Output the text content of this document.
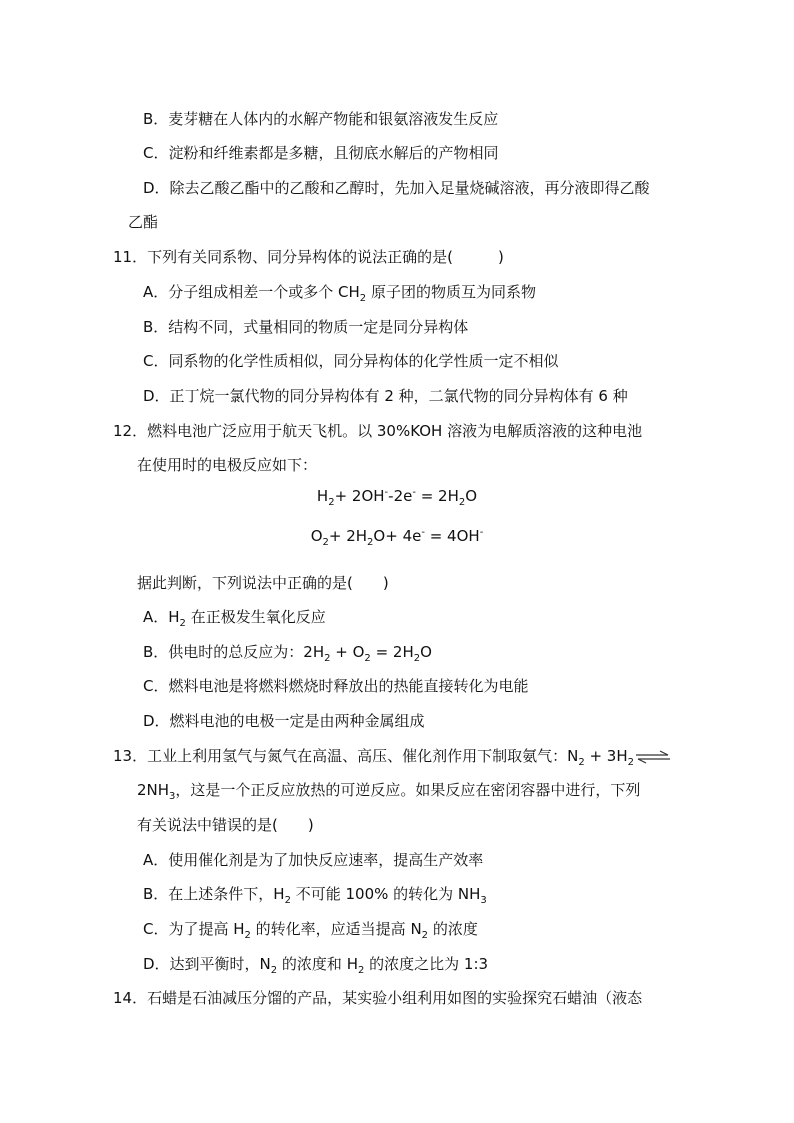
B．麦芽糖在人体内的水解产物能和银氨溶液发生反应
C．淀粉和纤维素都是多糖，且彻底水解后的产物相同
D．除去乙酸乙酯中的乙酸和乙醇时，先加入足量烧碱溶液，再分液即得乙酸
乙酯
11．下列有关同系物、同分异构体的说法正确的是(　　　)
A．分子组成相差一个或多个 $CH_2$ 原子团的物质互为同系物
B．结构不同，式量相同的物质一定是同分异构体
C．同系物的化学性质相似，同分异构体的化学性质一定不相似
D．正丁烷一氯代物的同分异构体有 2 种，二氯代物的同分异构体有 6 种
12．燃料电池广泛应用于航天飞机。以 30%KOH 溶液为电解质溶液的这种电池
在使用时的电极反应如下：
$H_2+ 2OH^--2e^- = 2H_2O$
$O_2+ 2H_2O+ 4e^- = 4OH^-$
据此判断，下列说法中正确的是(　　)
A．$H_2$ 在正极发生氧化反应
B．供电时的总反应为：$2H_2 + O_2 = 2H_2O$
C．燃料电池是将燃料燃烧时释放出的热能直接转化为电能
D．燃料电池的电极一定是由两种金属组成
13．工业上利用氢气与氮气在高温、高压、催化剂作用下制取氨气：$N_2 + 3H_2$ ⇌
$2NH_3$，这是一个正反应放热的可逆反应。如果反应在密闭容器中进行，下列
有关说法中错误的是(　　)
A．使用催化剂是为了加快反应速率，提高生产效率
B．在上述条件下，$H_2$ 不可能 100% 的转化为 $NH_3$
C．为了提高 $H_2$ 的转化率，应适当提高 $N_2$ 的浓度
D．达到平衡时，$N_2$ 的浓度和 $H_2$ 的浓度之比为 1:3
14．石蜡是石油减压分馏的产品，某实验小组利用如图的实验探究石蜡油（液态
